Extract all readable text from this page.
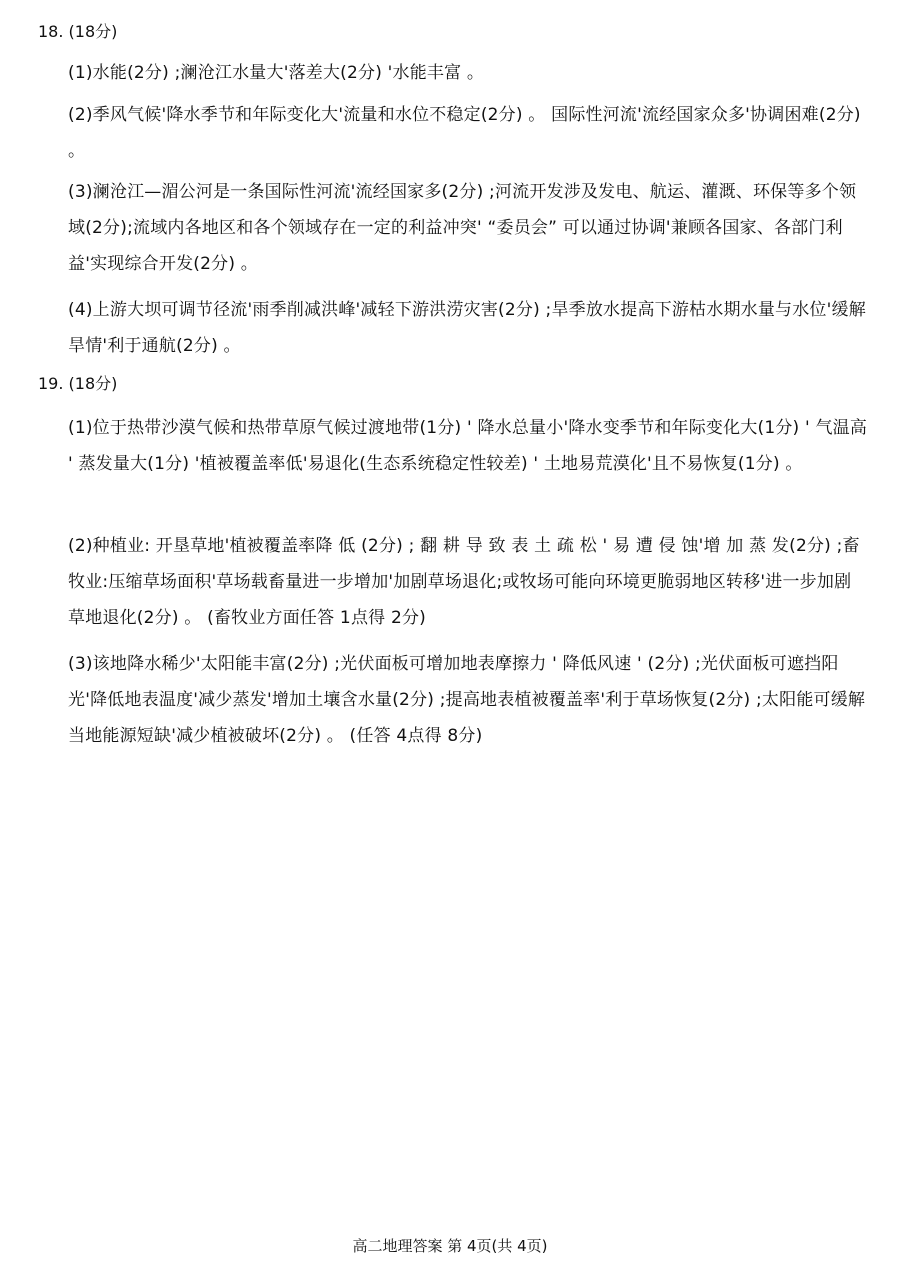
18. (18分)
(1)水能(2分) ;澜沧江水量大'落差大(2分) '水能丰富 。
(2)季风气候'降水季节和年际变化大'流量和水位不稳定(2分) 。 国际性河流'流经国家众多'协调困难(2分) 。
(3)澜沧江—湄公河是一条国际性河流'流经国家多(2分) ;河流开发涉及发电、航运、灌溉、环保等多个领域(2分);流域内各地区和各个领域存在一定的利益冲突' “委员会” 可以通过协调'兼顾各国家、各部门利益'实现综合开发(2分) 。
(4)上游大坝可调节径流'雨季削减洪峰'减轻下游洪涝灾害(2分) ;旱季放水提高下游枯水期水量与水位'缓解旱情'利于通航(2分) 。
19. (18分)
(1)位于热带沙漠气候和热带草原气候过渡地带(1分) ' 降水总量小'降水变季节和年际变化大(1分) ' 气温高 ' 蒸发量大(1分) '植被覆盖率低'易退化(生态系统稳定性较差) ' 土地易荒漠化'且不易恢复(1分) 。
(2)种植业: 开垦草地'植被覆盖率降 低 (2分) ; 翻 耕 导 致 表 土 疏 松 ' 易 遭 侵 蚀'增 加 蒸 发(2分) ;畜牧业:压缩草场面积'草场载畜量进一步增加'加剧草场退化;或牧场可能向环境更脆弱地区转移'进一步加剧草地退化(2分) 。 (畜牧业方面任答 1点得 2分)
(3)该地降水稀少'太阳能丰富(2分) ;光伏面板可增加地表摩擦力 ' 降低风速 ' (2分) ;光伏面板可遮挡阳光'降低地表温度'减少蒸发'增加土壤含水量(2分) ;提高地表植被覆盖率'利于草场恢复(2分) ;太阳能可缓解当地能源短缺'减少植被破坏(2分) 。 (任答 4点得 8分)
高二地理答案 第 4页(共 4页)
